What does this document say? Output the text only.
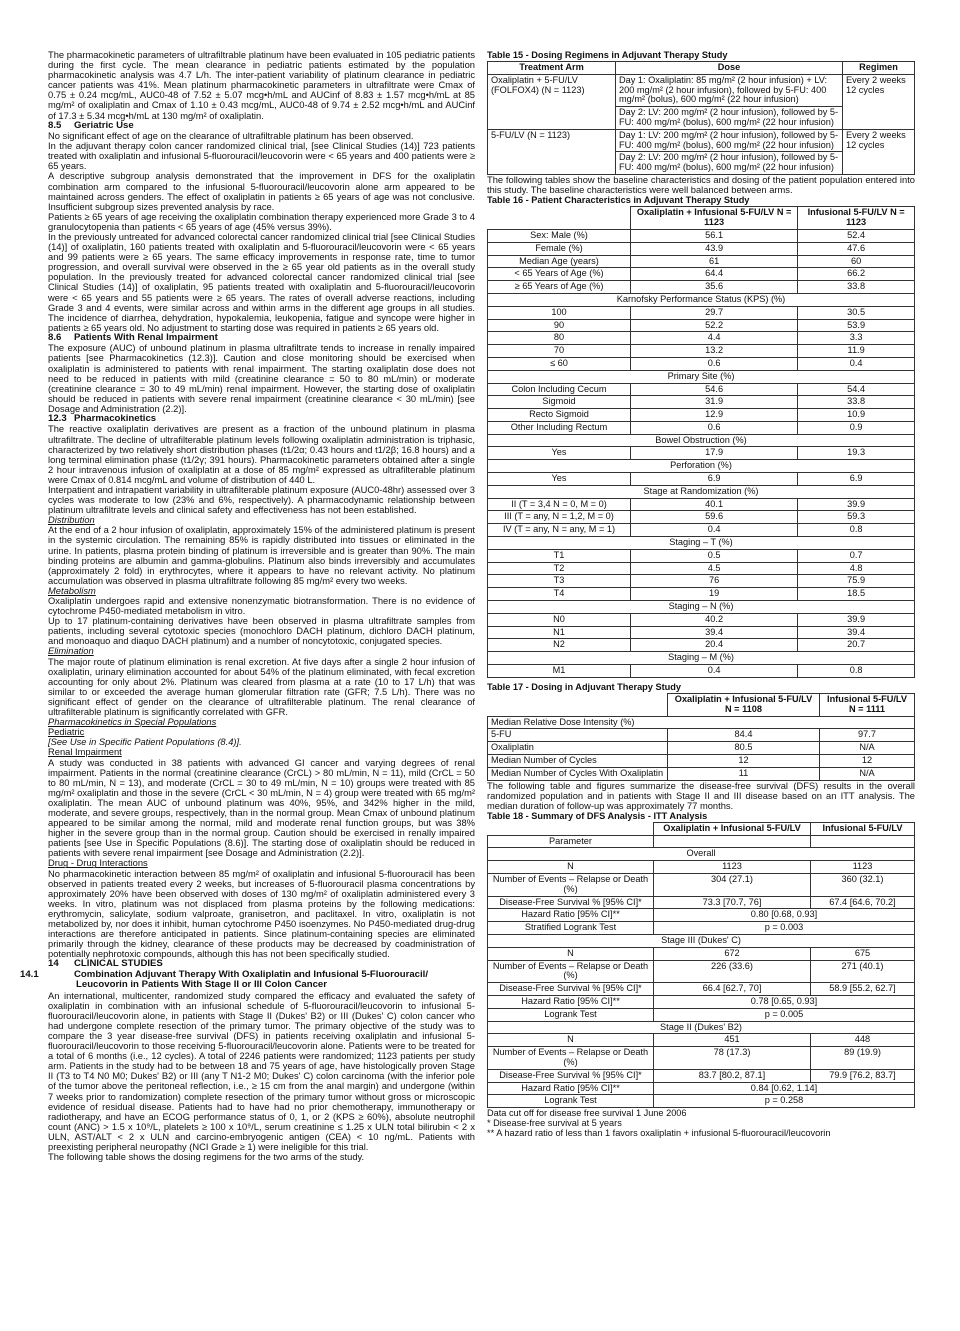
The pharmacokinetic parameters of ultrafiltrable platinum have been evaluated in 105 pediatric patients during the first cycle. The mean clearance in pediatric patients estimated by the population pharmacokinetic analysis was 4.7 L/h. The inter-patient variability of platinum clearance in pediatric cancer patients was 41%. Mean platinum pharmacokinetic parameters in ultrafiltrate were Cmax of 0.75 ± 0.24 mcg/mL, AUC0-48 of 7.52 ± 5.07 mcg•h/mL and AUCinf of 8.83 ± 1.57 mcg•h/mL at 85 mg/m² of oxaliplatin and Cmax of 1.10 ± 0.43 mcg/mL, AUC0-48 of 9.74 ± 2.52 mcg•h/mL and AUCinf of 17.3 ± 5.34 mcg•h/mL at 130 mg/m² of oxaliplatin.

8.5 Geriatric Use

No significant effect of age on the clearance of ultrafiltrable platinum has been observed.

In the adjuvant therapy colon cancer randomized clinical trial, [see Clinical Studies (14)] 723 patients treated with oxaliplatin and infusional 5-fluorouracil/leucovorin were < 65 years and 400 patients were ≥ 65 years.

A descriptive subgroup analysis demonstrated that the improvement in DFS for the oxaliplatin combination arm compared to the infusional 5-fluorouracil/leucovorin alone arm appeared to be maintained across genders. The effect of oxaliplatin in patients ≥ 65 years of age was not conclusive. Insufficient subgroup sizes prevented analysis by race.

Patients ≥ 65 years of age receiving the oxaliplatin combination therapy experienced more Grade 3 to 4 granulocytopenia than patients < 65 years of age (45% versus 39%).

In the previously untreated for advanced colorectal cancer randomized clinical trial [see Clinical Studies (14)] of oxaliplatin, 160 patients treated with oxaliplatin and 5-fluorouracil/leucovorin were < 65 years and 99 patients were ≥ 65 years. The same efficacy improvements in response rate, time to tumor progression, and overall survival were observed in the ≥ 65 year old patients as in the overall study population. In the previously treated for advanced colorectal cancer randomized clinical trial [see Clinical Studies (14)] of oxaliplatin, 95 patients treated with oxaliplatin and 5-fluorouracil/leucovorin were < 65 years and 55 patients were ≥ 65 years. The rates of overall adverse reactions, including Grade 3 and 4 events, were similar across and within arms in the different age groups in all studies. The incidence of diarrhea, dehydration, hypokalemia, leukopenia, fatigue and syncope were higher in patients ≥ 65 years old. No adjustment to starting dose was required in patients ≥ 65 years old.

8.6 Patients With Renal Impairment

The exposure (AUC) of unbound platinum in plasma ultrafiltrate tends to increase in renally impaired patients [see Pharmacokinetics (12.3)]. Caution and close monitoring should be exercised when oxaliplatin is administered to patients with renal impairment. The starting oxaliplatin dose does not need to be reduced in patients with mild (creatinine clearance = 50 to 80 mL/min) or moderate (creatinine clearance = 30 to 49 mL/min) renal impairment. However, the starting dose of oxaliplatin should be reduced in patients with severe renal impairment (creatinine clearance < 30 mL/min) [see Dosage and Administration (2.2)].

12.3 Pharmacokinetics

The reactive oxaliplatin derivatives are present as a fraction of the unbound platinum in plasma ultrafiltrate. The decline of ultrafilterable platinum levels following oxaliplatin administration is triphasic, characterized by two relatively short distribution phases (t1/2α; 0.43 hours and t1/2β; 16.8 hours) and a long terminal elimination phase (t1/2γ; 391 hours). Pharmacokinetic parameters obtained after a single 2 hour intravenous infusion of oxaliplatin at a dose of 85 mg/m² expressed as ultrafilterable platinum were Cmax of 0.814 mcg/mL and volume of distribution of 440 L.

Interpatient and intrapatient variability in ultrafilterable platinum exposure (AUC0-48hr) assessed over 3 cycles was moderate to low (23% and 6%, respectively). A pharmacodynamic relationship between platinum ultrafiltrate levels and clinical safety and effectiveness has not been established.

Distribution

At the end of a 2 hour infusion of oxaliplatin, approximately 15% of the administered platinum is present in the systemic circulation. The remaining 85% is rapidly distributed into tissues or eliminated in the urine. In patients, plasma protein binding of platinum is irreversible and is greater than 90%. The main binding proteins are albumin and gamma-globulins. Platinum also binds irreversibly and accumulates (approximately 2 fold) in erythrocytes, where it appears to have no relevant activity. No platinum accumulation was observed in plasma ultrafiltrate following 85 mg/m² every two weeks.

Metabolism

Oxaliplatin undergoes rapid and extensive nonenzymatic biotransformation. There is no evidence of cytochrome P450-mediated metabolism in vitro.

Up to 17 platinum-containing derivatives have been observed in plasma ultrafiltrate samples from patients, including several cytotoxic species (monochloro DACH platinum, dichloro DACH platinum, and monoaquo and diaquo DACH platinum) and a number of noncytotoxic, conjugated species.

Elimination

The major route of platinum elimination is renal excretion. At five days after a single 2 hour infusion of oxaliplatin, urinary elimination accounted for about 54% of the platinum eliminated, with fecal excretion accounting for only about 2%. Platinum was cleared from plasma at a rate (10 to 17 L/h) that was similar to or exceeded the average human glomerular filtration rate (GFR; 7.5 L/h). There was no significant effect of gender on the clearance of ultrafilterable platinum. The renal clearance of ultrafilterable platinum is significantly correlated with GFR.

Pharmacokinetics in Special Populations
Pediatric

[See Use in Specific Patient Populations (8.4)].

Renal Impairment

A study was conducted in 38 patients with advanced GI cancer and varying degrees of renal impairment. Patients in the normal (creatinine clearance (CrCL) > 80 mL/min, N = 11), mild (CrCL = 50 to 80 mL/min, N = 13), and moderate (CrCL = 30 to 49 mL/min, N = 10) groups were treated with 85 mg/m² oxaliplatin and those in the severe (CrCL < 30 mL/min, N = 4) group were treated with 65 mg/m² oxaliplatin. The mean AUC of unbound platinum was 40%, 95%, and 342% higher in the mild, moderate, and severe groups, respectively, than in the normal group. Mean Cmax of unbound platinum appeared to be similar among the normal, mild and moderate renal function groups, but was 38% higher in the severe group than in the normal group. Caution should be exercised in renally impaired patients [see Use in Specific Populations (8.6)]. The starting dose of oxaliplatin should be reduced in patients with severe renal impairment [see Dosage and Administration (2.2)].

Drug - Drug Interactions

No pharmacokinetic interaction between 85 mg/m² of oxaliplatin and infusional 5-fluorouracil has been observed in patients treated every 2 weeks, but increases of 5-fluorouracil plasma concentrations by approximately 20% have been observed with doses of 130 mg/m² of oxaliplatin administered every 3 weeks. In vitro, platinum was not displaced from plasma proteins by the following medications: erythromycin, salicylate, sodium valproate, granisetron, and paclitaxel. In vitro, oxaliplatin is not metabolized by, nor does it inhibit, human cytochrome P450 isoenzymes. No P450-mediated drug-drug interactions are therefore anticipated in patients. Since platinum-containing species are eliminated primarily through the kidney, clearance of these products may be decreased by coadministration of potentially nephrotoxic compounds, although this has not been specifically studied.

14 CLINICAL STUDIES
14.1	Combination Adjuvant Therapy With Oxaliplatin and Infusional 5-Fluorouracil/ Leucovorin in Patients With Stage II or III Colon Cancer

An international, multicenter, randomized study compared the efficacy and evaluated the safety of oxaliplatin in combination with an infusional schedule of 5-fluorouracil/leucovorin to infusional 5-fluorouracil/leucovorin alone, in patients with Stage II (Dukes' B2) or III (Dukes' C) colon cancer who had undergone complete resection of the primary tumor. The primary objective of the study was to compare the 3 year disease-free survival (DFS) in patients receiving oxaliplatin and infusional 5-fluorouracil/leucovorin to those receiving 5-fluorouracil/leucovorin alone. Patients were to be treated for a total of 6 months (i.e., 12 cycles). A total of 2246 patients were randomized; 1123 patients per study arm. Patients in the study had to be between 18 and 75 years of age, have histologically proven Stage II (T3 to T4 N0 M0; Dukes' B2) or III (any T N1-2 M0; Dukes' C) colon carcinoma (with the inferior pole of the tumor above the peritoneal reflection, i.e., ≥ 15 cm from the anal margin) and undergone (within 7 weeks prior to randomization) complete resection of the primary tumor without gross or microscopic evidence of residual disease. Patients had to have had no prior chemotherapy, immunotherapy or radiotherapy, and have an ECOG performance status of 0, 1, or 2 (KPS ≥ 60%), absolute neutrophil count (ANC) > 1.5 x 10⁹/L, platelets ≥ 100 x 10⁹/L, serum creatinine ≤ 1.25 x ULN total bilirubin < 2 x ULN, AST/ALT < 2 x ULN and carcino-embryogenic antigen (CEA) < 10 ng/mL. Patients with preexisting peripheral neuropathy (NCI Grade ≥ 1) were ineligible for this trial.

The following table shows the dosing regimens for the two arms of the study.

Table 15 - Dosing Regimens in Adjuvant Therapy Study
Treatment Arm	Dose	Regimen
Oxaliplatin + 5-FU/LV (FOLFOX4) (N = 1123)	Day 1: Oxaliplatin: 85 mg/m² (2 hour infusion) + LV: 200 mg/m² (2 hour infusion), followed by 5-FU: 400 mg/m² (bolus), 600 mg/m² (22 hour infusion)	Every 2 weeks 12 cycles
	Day 2: LV: 200 mg/m² (2 hour infusion), followed by 5-FU: 400 mg/m² (bolus), 600 mg/m² (22 hour infusion)	
5-FU/LV (N = 1123)	Day 1: LV: 200 mg/m² (2 hour infusion), followed by 5-FU: 400 mg/m² (bolus), 600 mg/m² (22 hour infusion)	Every 2 weeks 12 cycles
	Day 2: LV: 200 mg/m² (2 hour infusion), followed by 5-FU: 400 mg/m² (bolus), 600 mg/m² (22 hour infusion)	

The following tables show the baseline characteristics and dosing of the patient population entered into this study. The baseline characteristics were well balanced between arms.

Table 16 - Patient Characteristics in Adjuvant Therapy Study
	Oxaliplatin + Infusional 5-FU/LV N = 1123	Infusional 5-FU/LV N = 1123
Sex: Male (%)	56.1	52.4
Female (%)	43.9	47.6
Median Age (years)	61	60
< 65 Years of Age (%)	64.4	66.2
≥ 65 Years of Age (%)	35.6	33.8
Karnofsky Performance Status (KPS) (%)		
100	29.7	30.5
90	52.2	53.9
80	4.4	3.3
70	13.2	11.9
≤ 60	0.6	0.4
Primary Site (%)		
Colon Including Cecum	54.6	54.4
Sigmoid	31.9	33.8
Recto Sigmoid	12.9	10.9
Other Including Rectum	0.6	0.9
Bowel Obstruction (%)		
Yes	17.9	19.3
Perforation (%)		
Yes	6.9	6.9
Stage at Randomization (%)		
II (T = 3,4 N = 0, M = 0)	40.1	39.9
III (T = any, N = 1,2, M = 0)	59.6	59.3
IV (T = any, N = any, M = 1)	0.4	0.8
Staging – T (%)		
T1	0.5	0.7
T2	4.5	4.8
T3	76	75.9
T4	19	18.5
Staging – N (%)		
N0	40.2	39.9
N1	39.4	39.4
N2	20.4	20.7
Staging – M (%)		
M1	0.4	0.8
Table 17 - Dosing in Adjuvant Therapy Study
	Oxaliplatin + Infusional 5-FU/LV N = 1108	Infusional 5-FU/LV N = 1111
Median Relative Dose Intensity (%)		
5-FU	84.4	97.7
Oxaliplatin	80.5	N/A
Median Number of Cycles	12	12
Median Number of Cycles With Oxaliplatin	11	N/A

The following table and figures summarize the disease-free survival (DFS) results in the overall randomized population and in patients with Stage II and III disease based on an ITT analysis. The median duration of follow-up was approximately 77 months.

Table 18 - Summary of DFS Analysis - ITT Analysis
	Oxaliplatin + Infusional 5-FU/LV	Infusional 5-FU/LV
Parameter		
Overall		
N	1123	1123
Number of Events – Relapse or Death (%)	304 (27.1)	360 (32.1)
Disease-Free Survival % [95% CI]*	73.3 [70.7, 76]	67.4 [64.6, 70.2]
Hazard Ratio [95% CI]**	0.80 [0.68, 0.93]	
Stratified Logrank Test	p = 0.003	
Stage III (Dukes' C)		
N	672	675
Number of Events – Relapse or Death (%)	226 (33.6)	271 (40.1)
Disease-Free Survival % [95% CI]*	66.4 [62.7, 70]	58.9 [55.2, 62.7]
Hazard Ratio [95% CI]**	0.78 [0.65, 0.93]	
Logrank Test	p = 0.005	
Stage II (Dukes' B2)		
N	451	448
Number of Events – Relapse or Death (%)	78 (17.3)	89 (19.9)
Disease-Free Survival % [95% CI]*	83.7 [80.2, 87.1]	79.9 [76.2, 83.7]
Hazard Ratio [95% CI]**	0.84 [0.62, 1.14]	
Logrank Test	p = 0.258	
Data cut off for disease free survival 1 June 2006
* Disease-free survival at 5 years
** A hazard ratio of less than 1 favors oxaliplatin + infusional 5-fluorouracil/leucovorin
